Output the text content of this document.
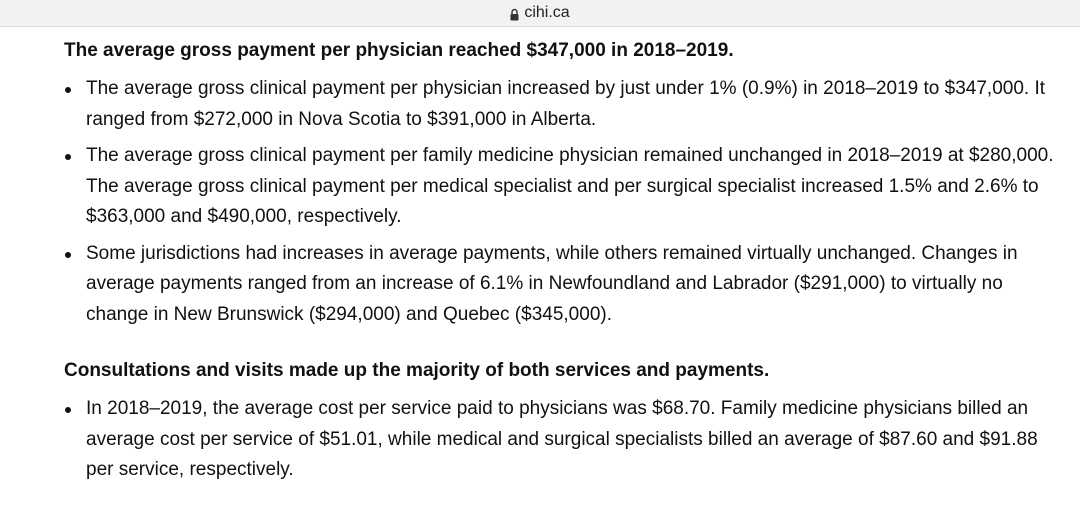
cihi.ca
The average gross payment per physician reached $347,000 in 2018–2019.
The average gross clinical payment per physician increased by just under 1% (0.9%) in 2018–2019 to $347,000. It ranged from $272,000 in Nova Scotia to $391,000 in Alberta.
The average gross clinical payment per family medicine physician remained unchanged in 2018–2019 at $280,000. The average gross clinical payment per medical specialist and per surgical specialist increased 1.5% and 2.6% to $363,000 and $490,000, respectively.
Some jurisdictions had increases in average payments, while others remained virtually unchanged. Changes in average payments ranged from an increase of 6.1% in Newfoundland and Labrador ($291,000) to virtually no change in New Brunswick ($294,000) and Quebec ($345,000).
Consultations and visits made up the majority of both services and payments.
In 2018–2019, the average cost per service paid to physicians was $68.70. Family medicine physicians billed an average cost per service of $51.01, while medical and surgical specialists billed an average of $87.60 and $91.88 per service, respectively.
